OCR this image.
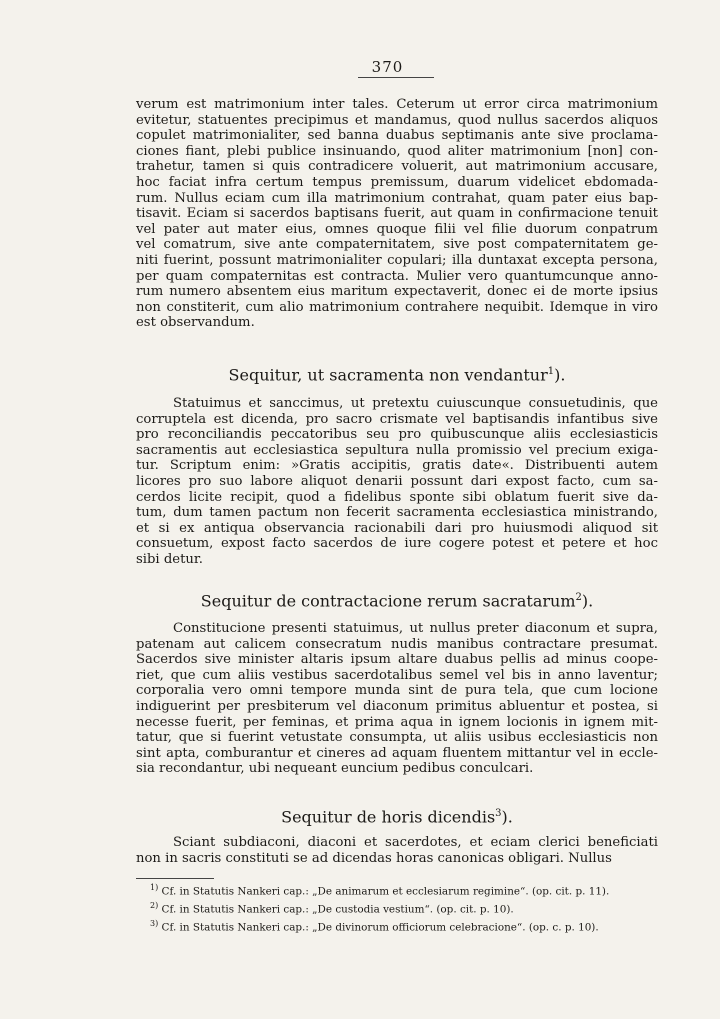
370
verum est matrimonium inter tales. Ceterum ut error circa matrimonium
evitetur, statuentes precipimus et mandamus, quod nullus sacerdos aliquos
copulet matrimonialiter, sed banna duabus septimanis ante sive proclama-
ciones fiant, plebi publice insinuando, quod aliter matrimonium [non] con-
trahetur, tamen si quis contradicere voluerit, aut matrimonium accusare,
hoc faciat infra certum tempus premissum, duarum videlicet ebdomada-
rum. Nullus eciam cum illa matrimonium contrahat, quam pater eius bap-
tisavit. Eciam si sacerdos baptisans fuerit, aut quam in confirmacione tenuit
vel pater aut mater eius, omnes quoque filii vel filie duorum conpatrum
vel comatrum, sive ante compaternitatem, sive post compaternitatem ge-
niti fuerint, possunt matrimonialiter copulari; illa duntaxat excepta persona,
per quam compaternitas est contracta. Mulier vero quantumcunque anno-
rum numero absentem eius maritum expectaverit, donec ei de morte ipsius
non constiterit, cum alio matrimonium contrahere nequibit. Idemque in viro
est observandum.
Sequitur, ut sacramenta non vendantur$^1$).
Statuimus et sanccimus, ut pretextu cuiuscunque consuetudinis, que
corruptela est dicenda, pro sacro crismate vel baptisandis infantibus sive
pro reconciliandis peccatoribus seu pro quibuscunque aliis ecclesiasticis
sacramentis aut ecclesiastica sepultura nulla promissio vel precium exiga-
tur. Scriptum enim: »Gratis accipitis, gratis date«. Distribuenti autem
licores pro suo labore aliquot denarii possunt dari expost facto, cum sa-
cerdos licite recipit, quod a fidelibus sponte sibi oblatum fuerit sive da-
tum, dum tamen pactum non fecerit sacramenta ecclesiastica ministrando,
et si ex antiqua observancia racionabili dari pro huiusmodi aliquod sit
consuetum, expost facto sacerdos de iure cogere potest et petere et hoc
sibi detur.
Sequitur de contractacione rerum sacratarum$^2$).
Constitucione presenti statuimus, ut nullus preter diaconum et supra,
patenam aut calicem consecratum nudis manibus contractare presumat.
Sacerdos sive minister altaris ipsum altare duabus pellis ad minus coope-
riet, que cum aliis vestibus sacerdotalibus semel vel bis in anno laventur;
corporalia vero omni tempore munda sint de pura tela, que cum locione
indiguerint per presbiterum vel diaconum primitus abluentur et postea, si
necesse fuerit, per feminas, et prima aqua in ignem locionis in ignem mit-
tatur, que si fuerint vetustate consumpta, ut aliis usibus ecclesiasticis non
sint apta, comburantur et cineres ad aquam fluentem mittantur vel in eccle-
sia recondantur, ubi nequeant euncium pedibus conculcari.
Sequitur de horis dicendis$^3$).
Sciant subdiaconi, diaconi et sacerdotes, et eciam clerici beneficiati
non in sacris constituti se ad dicendas horas canonicas obligari. Nullus
$^{1)}$ Cf. in Statutis Nankeri cap.: „De animarum et ecclesiarum regimine“. (op. cit. p. 11).
$^{2)}$ Cf. in Statutis Nankeri cap.: „De custodia vestium“. (op. cit. p. 10).
$^{3)}$ Cf. in Statutis Nankeri cap.: „De divinorum officiorum celebracione“. (op. c. p. 10).
